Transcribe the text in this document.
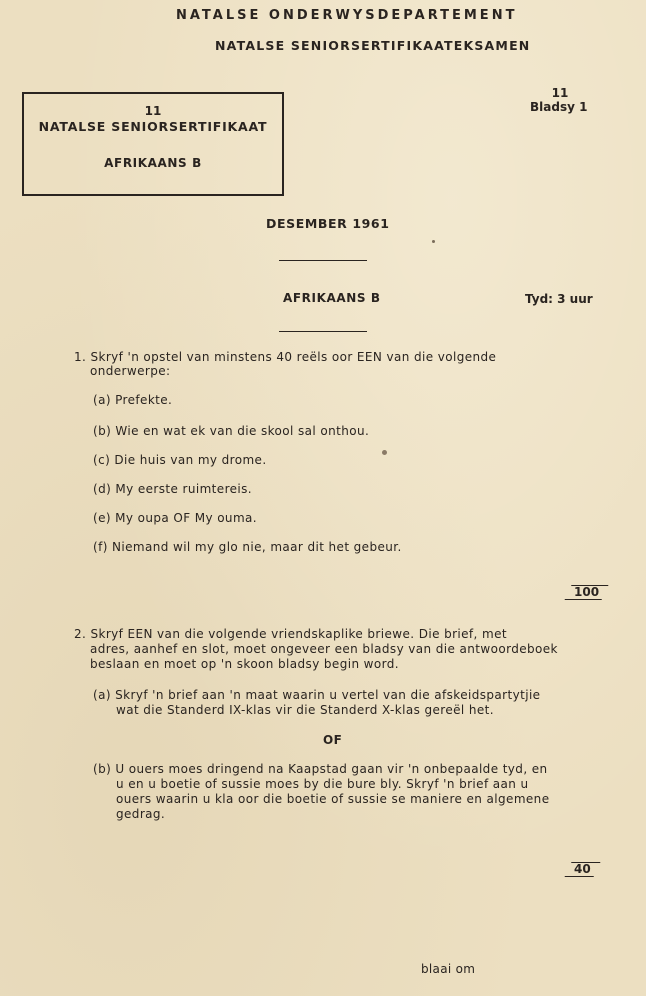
NATALSE ONDERWYSDEPARTEMENT
NATALSE SENIORSERTIFIKAATEKSAMEN
11
Bladsy 1
11
NATALSE SENIORSERTIFIKAAT
AFRIKAANS B
DESEMBER 1961
AFRIKAANS B	Tyd: 3 uur
1. Skryf 'n opstel van minstens 40 reëls oor EEN van die volgende
onderwerpe:
(a) Prefekte.
(b) Wie en wat ek van die skool sal onthou.
(c) Die huis van my drome.
(d) My eerste ruimtereis.
(e) My oupa OF My ouma.
(f) Niemand wil my glo nie, maar dit het gebeur.
100
2. Skryf EEN van die volgende vriendskaplike briewe. Die brief, met
adres, aanhef en slot, moet ongeveer een bladsy van die antwoordeboek
beslaan en moet op 'n skoon bladsy begin word.
(a) Skryf 'n brief aan 'n maat waarin u vertel van die afskeidspartytjie
wat die Standerd IX-klas vir die Standerd X-klas gereël het.
OF
(b) U ouers moes dringend na Kaapstad gaan vir 'n onbepaalde tyd, en
u en u boetie of sussie moes by die bure bly. Skryf 'n brief aan u
ouers waarin u kla oor die boetie of sussie se maniere en algemene
gedrag.
40
blaai om
